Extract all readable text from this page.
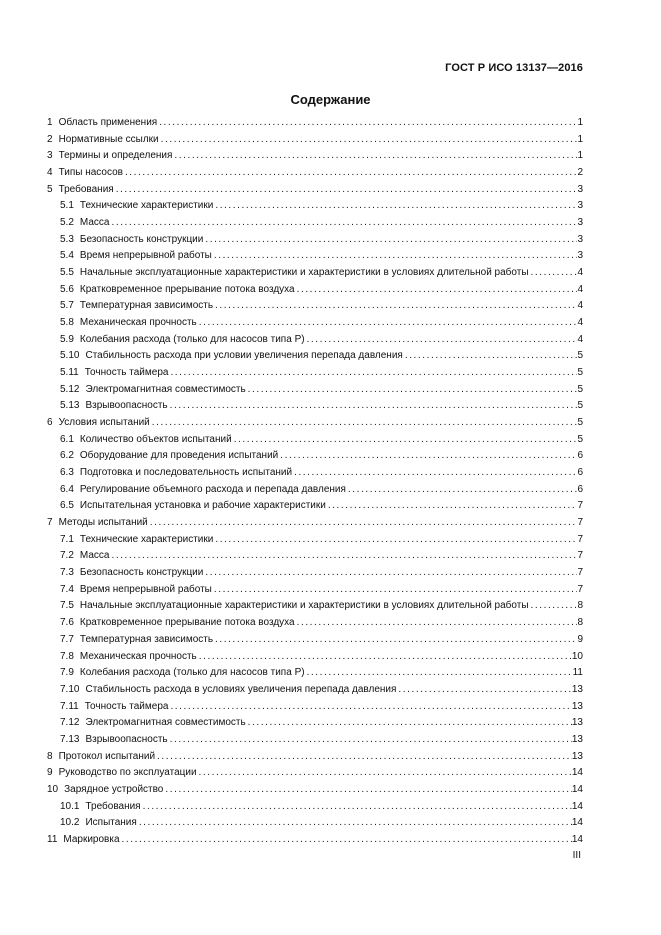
ГОСТ Р ИСО 13137—2016
Содержание
1 Область применения . . .	1
2 Нормативные ссылки . . .	1
3 Термины и определения . . .	1
4 Типы насосов . . .	2
5 Требования . . .	3
5.1 Технические характеристики . . .	3
5.2 Масса . . .	3
5.3 Безопасность конструкции . . .	3
5.4 Время непрерывной работы . . .	3
5.5 Начальные эксплуатационные характеристики и характеристики в условиях длительной работы . . .	4
5.6 Кратковременное прерывание потока воздуха . . .	4
5.7 Температурная зависимость . . .	4
5.8 Механическая прочность . . .	4
5.9 Колебания расхода (только для насосов типа Р) . . .	4
5.10 Стабильность расхода при условии увеличения перепада давления . . .	5
5.11 Точность таймера . . .	5
5.12 Электромагнитная совместимость . . .	5
5.13 Взрывоопасность . . .	5
6 Условия испытаний . . .	5
6.1 Количество объектов испытаний . . .	5
6.2 Оборудование для проведения испытаний . . .	6
6.3 Подготовка и последовательность испытаний . . .	6
6.4 Регулирование объемного расхода и перепада давления . . .	6
6.5 Испытательная установка и рабочие характеристики . . .	7
7 Методы испытаний . . .	7
7.1 Технические характеристики . . .	7
7.2 Масса . . .	7
7.3 Безопасность конструкции . . .	7
7.4 Время непрерывной работы . . .	7
7.5 Начальные эксплуатационные характеристики и характеристики в условиях длительной работы . . .	8
7.6 Кратковременное прерывание потока воздуха . . .	8
7.7 Температурная зависимость . . .	9
7.8 Механическая прочность . . .	10
7.9 Колебания расхода (только для насосов типа Р) . . .	11
7.10 Стабильность расхода в условиях увеличения перепада давления . . .	13
7.11 Точность таймера . . .	13
7.12 Электромагнитная совместимость . . .	13
7.13 Взрывоопасность . . .	13
8 Протокол испытаний . . .	13
9 Руководство по эксплуатации . . .	14
10 Зарядное устройство . . .	14
10.1 Требования . . .	14
10.2 Испытания . . .	14
11 Маркировка . . .	14
III
